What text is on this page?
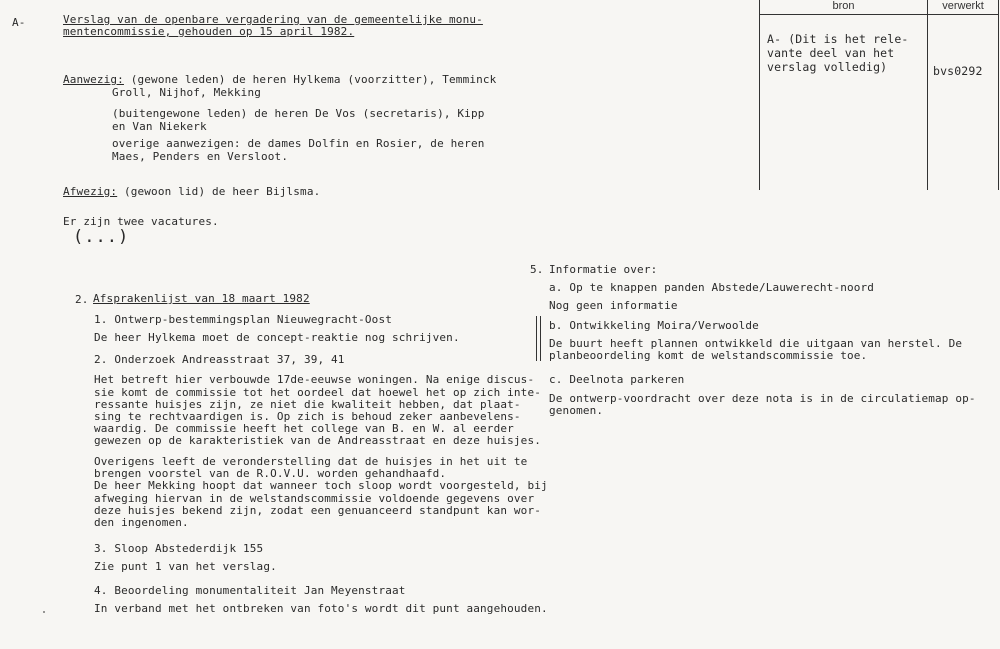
A-	Verslag van de openbare vergadering van de gemeentelijke monu-
mentencommissie, gehouden op 15 april 1982.
Aanwezig: (gewone leden) de heren Hylkema (voorzitter), Temminck
Groll, Nijhof, Mekking
(buitengewone leden) de heren De Vos (secretaris), Kipp
en Van Niekerk
overige aanwezigen: de dames Dolfin en Rosier, de heren
Maes, Penders en Versloot.
Afwezig: (gewoon lid) de heer Bijlsma.
Er zijn twee vacatures.
(...)
2. Afsprakenlijst van 18 maart 1982
1. Ontwerp-bestemmingsplan Nieuwegracht-Oost
De heer Hylkema moet de concept-reaktie nog schrijven.
2. Onderzoek Andreasstraat 37, 39, 41
Het betreft hier verbouwde 17de-eeuwse woningen. Na enige discus-
sie komt de commissie tot het oordeel dat hoewel het op zich inte-
ressante huisjes zijn, ze niet die kwaliteit hebben, dat plaat-
sing te rechtvaardigen is. Op zich is behoud zeker aanbevelens-
waardig. De commissie heeft het college van B. en W. al eerder
gewezen op de karakteristiek van de Andreasstraat en deze huisjes.
Overigens leeft de veronderstelling dat de huisjes in het uit te
brengen voorstel van de R.O.V.U. worden gehandhaafd.
De heer Mekking hoopt dat wanneer toch sloop wordt voorgesteld, bij
afweging hiervan in de welstandscommissie voldoende gegevens over
deze huisjes bekend zijn, zodat een genuanceerd standpunt kan wor-
den ingenomen.
3. Sloop Abstederdijk 155
Zie punt 1 van het verslag.
4. Beoordeling monumentaliteit Jan Meyenstraat
In verband met het ontbreken van foto's wordt dit punt aangehouden.
5. Informatie over:
a. Op te knappen panden Abstede/Lauwerecht-noord
Nog geen informatie
b. Ontwikkeling Moira/Verwoolde
De buurt heeft plannen ontwikkeld die uitgaan van herstel. De
planbeoordeling komt de welstandscommissie toe.
c. Deelnota parkeren
De ontwerp-voordracht over deze nota is in de circulatiemap op-
genomen.
bron	verwerkt
A- (Dit is het rele-
vante deel van het
verslag volledig)	bvs0292
